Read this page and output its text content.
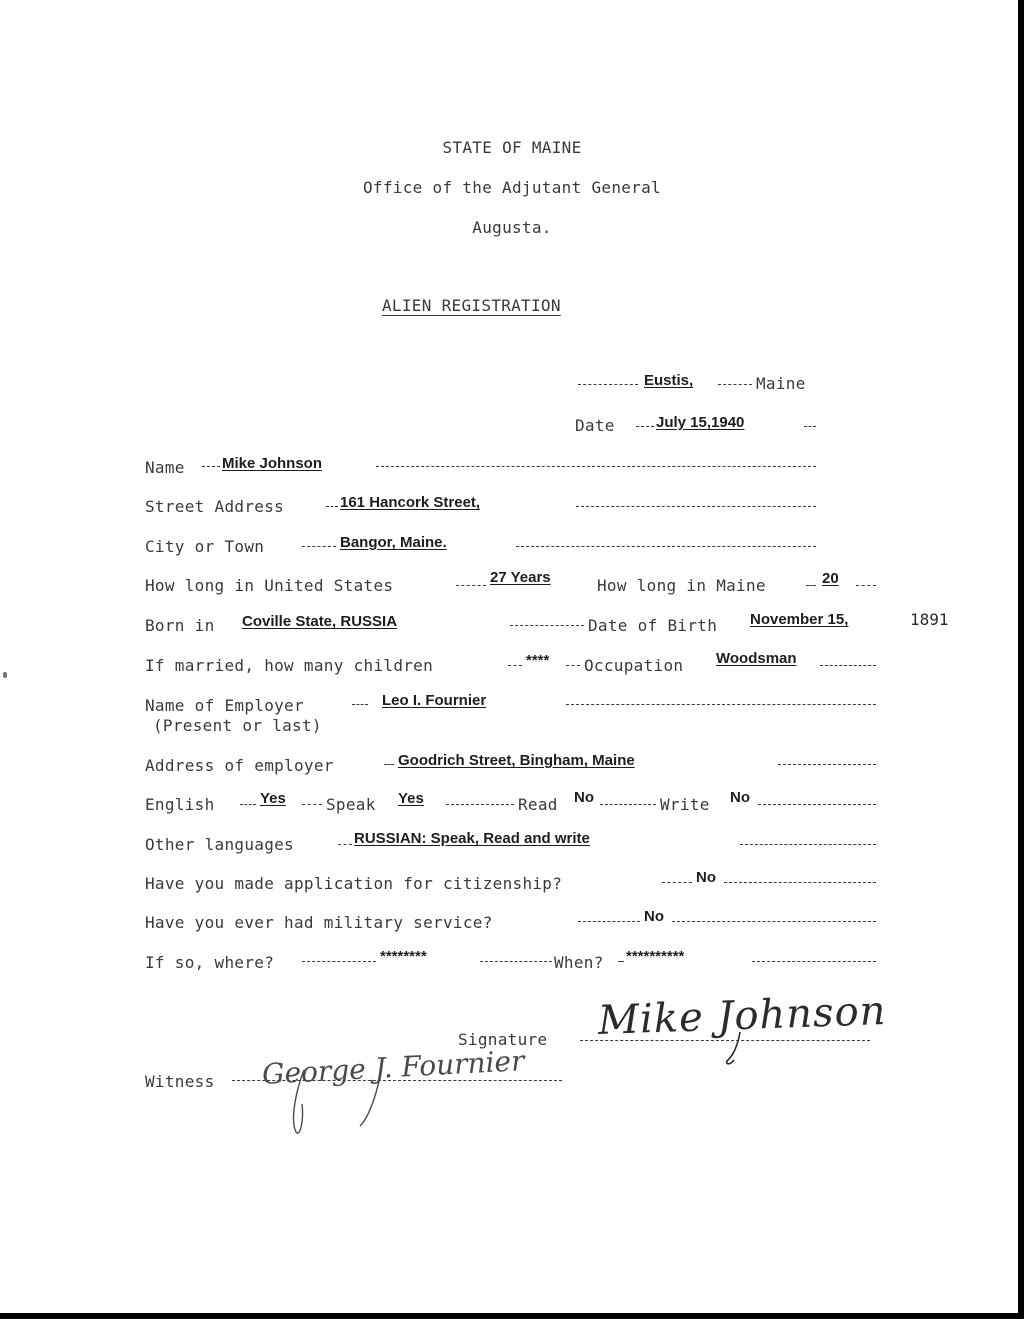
STATE OF MAINE
Office of the Adjutant General
Augusta.
ALIEN REGISTRATION
Eustis,	Maine
Date	July 15,1940
Name Mike Johnson
Street Address	161 Hancork Street,
City or Town	Bangor, Maine.
How long in United States	27 Years	How long in Maine	20
Born in Coville State, RUSSIA	Date of Birth November 15,	1891
If married, how many children	**** Occupation Woodsman
Name of Employer
(Present or last)
Leo I. Fournier
Address of employer	Goodrich Street, Bingham, Maine
English	Yes	Speak Yes	Read No	Write No
Other languages	RUSSIAN: Speak, Read and write
Have you made application for citizenship?	No
Have you ever had military service?	No
If so, where?	********	When? **********
Signature Mike Johnson
Witness George J. Fournier
